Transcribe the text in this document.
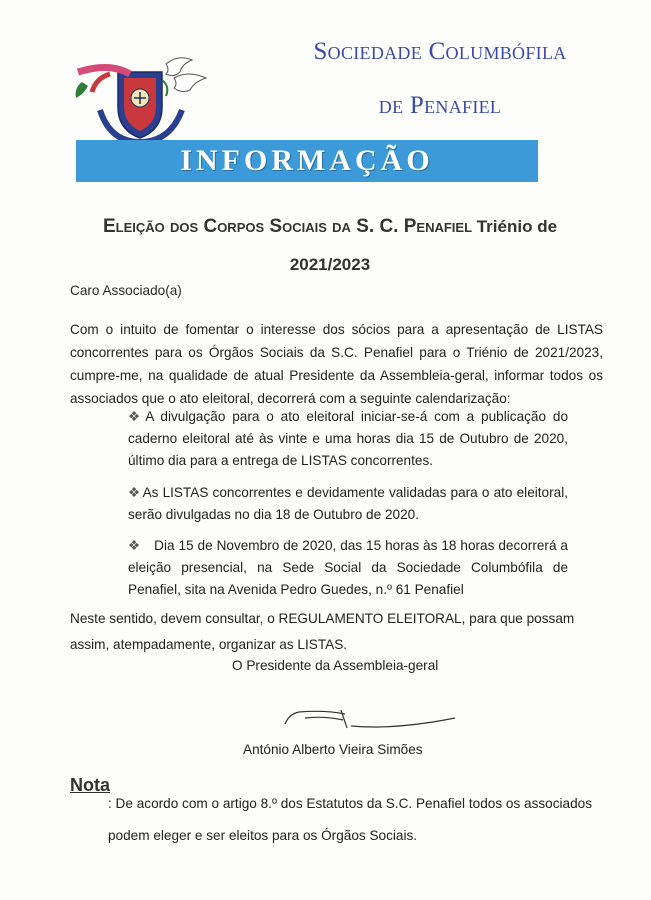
Sociedade Columbófila
de Penafiel
INFORMAÇÃO
Eleição dos Corpos Sociais da S. C. Penafiel Triénio de
2021/2023
Caro Associado(a)
Com o intuito de fomentar o interesse dos sócios para a apresentação de LISTAS concorrentes para os Órgãos Sociais da S.C. Penafiel para o Triénio de 2021/2023, cumpre-me, na qualidade de atual Presidente da Assembleia-geral, informar todos os associados que o ato eleitoral, decorrerá com a seguinte calendarização:
❖ A divulgação para o ato eleitoral iniciar-se-á com a publicação do caderno eleitoral até às vinte e uma horas dia 15 de Outubro de 2020, último dia para a entrega de LISTAS concorrentes.
❖ As LISTAS concorrentes e devidamente validadas para o ato eleitoral, serão divulgadas no dia 18 de Outubro de 2020.
❖ Dia 15 de Novembro de 2020, das 15 horas às 18 horas decorrerá a eleição presencial, na Sede Social da Sociedade Columbófila de Penafiel, sita na Avenida Pedro Guedes, n.º 61 Penafiel
Neste sentido, devem consultar, o REGULAMENTO ELEITORAL, para que possam assim, atempadamente, organizar as LISTAS.
O Presidente da Assembleia-geral
António Alberto Vieira Simões
Nota
: De acordo com o artigo 8.º dos Estatutos da S.C. Penafiel todos os associados
podem eleger e ser eleitos para os Órgãos Sociais.
